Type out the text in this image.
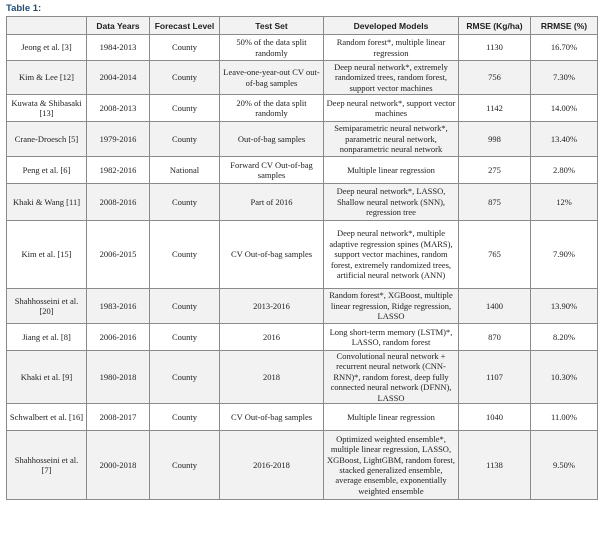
Table 1:
	Data Years	Forecast Level	Test Set	Developed Models	RMSE (Kg/ha)	RRMSE (%)
Jeong et al. [3]	1984-2013	County	50% of the data split randomly	Random forest*, multiple linear regression	1130	16.70%
Kim & Lee [12]	2004-2014	County	Leave-one-year-out CV out-of-bag samples	Deep neural network*, extremely randomized trees, random forest, support vector machines	756	7.30%
Kuwata & Shibasaki [13]	2008-2013	County	20% of the data split randomly	Deep neural network*, support vector machines	1142	14.00%
Crane-Droesch [5]	1979-2016	County	Out-of-bag samples	Semiparametric neural network*, parametric neural network, nonparametric neural network	998	13.40%
Peng et al. [6]	1982-2016	National	Forward CV Out-of-bag samples	Multiple linear regression	275	2.80%
Khaki & Wang [11]	2008-2016	County	Part of 2016	Deep neural network*, LASSO, Shallow neural network (SNN), regression tree	875	12%
Kim et al. [15]	2006-2015	County	CV Out-of-bag samples	Deep neural network*, multiple adaptive regression spines (MARS), support vector machines, random forest, extremely randomized trees, artificial neural network (ANN)	765	7.90%
Shahhosseini et al. [20]	1983-2016	County	2013-2016	Random forest*, XGBoost, multiple linear regression, Ridge regression, LASSO	1400	13.90%
Jiang et al. [8]	2006-2016	County	2016	Long short-term memory (LSTM)*, LASSO, random forest	870	8.20%
Khaki et al. [9]	1980-2018	County	2018	Convolutional neural network + recurrent neural network (CNN-RNN)*, random forest, deep fully connected neural network (DFNN), LASSO	1107	10.30%
Schwalbert et al. [16]	2008-2017	County	CV Out-of-bag samples	Multiple linear regression	1040	11.00%
Shahhosseini et al. [7]	2000-2018	County	2016-2018	Optimized weighted ensemble*, multiple linear regression, LASSO, XGBoost, LightGBM, random forest, stacked generalized ensemble, average ensemble, exponentially weighted ensemble	1138	9.50%
